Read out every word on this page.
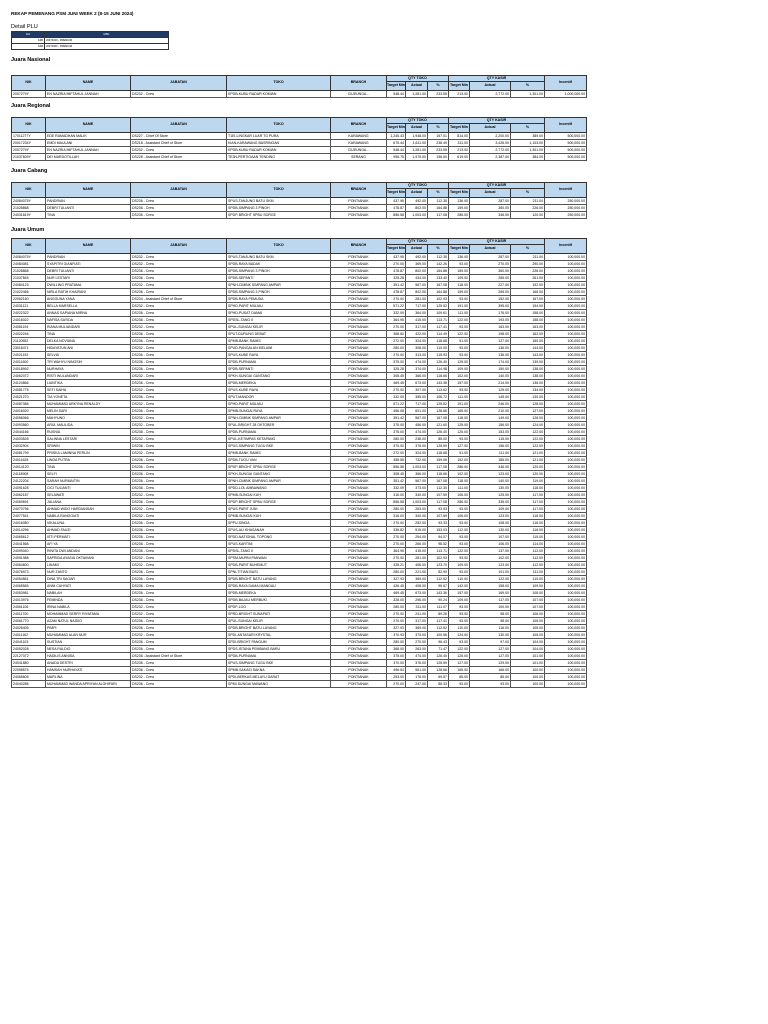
REKAP PEMENANG PSM JUNI WEEK 2 (8-15 JUNI 2024)
Detail PLU
Divi	MBG
F&B	20474049 - PREMIUM
F&B	20474050 - PREMIUM
Juara Nasional
NIK	NAME	JABATAN	TOKO	BRANCH	QTY TOKO			QTY KASIR			Incentif
					Target Min	Actual	%	Target Min	Actual	%	
2007279Y	EN NAZRIA MIFTAHUL JANNAH	DS232 - Crew	KPDB-KUBU RADAR KOMIAN	CIUEUNGA...	548.44	1,281.00	233.55	213.00	2,772.00	1,301.00	1,000,000.00
Juara Regional
NIK	NAME	JABATAN	TOKO	BRANCH	QTY TOKO			QTY KASIR			Incentif
					Target Min	Actual	%	Target Min	Actual	%	
17011277Y	EDE RAMADHAN MALIK	DS227 - Chief Of Store	T1EI-LINGKAR LUAR TG PURA	KARAWANG	1,245.43	1,948.00	157.01	814.00	2,200.00	389.00	500,000.00
20017234Y	EMDI MAULANI	DS218 - Assistant Chief of Store	KIAN-KARAWANG BASRINGAN	KARAWANG	675.44	1,611.00	238.49	311.00	3,426.00	1,103.00	500,000.00
2007279Y	EN NAZRIA MIFTAHUL JANNAH	DS232 - Crew	KPDB-KUBU RADAR KOMIAN	CIUEUNGA...	548.44	1,281.00	233.55	213.00	2,772.00	1,301.00	500,000.00
21037609Y	DEI MARDOTILLAH	DS228 - Assistant Chief of Store	TE3N-PERTIGAAN TENDING	SERANG	955.75	1,979.00	196.60	619.00	2,387.00	384.00	500,000.00
Juara Cabang
NIK	NAME	JABATAN	TOKO	BRANCH	QTY TOKO			QTY KASIR			Incentif
					Target Min	Actual	%	Target Min	Actual	%	
24084075Y	PANDRIAN	DS236 - Crew	SPUS-TANJUNG BATU SKM	PONTIANAK	437.95	492.00	112.35	136.00	287.00	211.00	250,000.00
21028868	DEBRI TULIANTI	DS236 - Crew	SPDB-SIMPANG 3 PINOH	PONTIANAK	478.87	802.00	164.88	159.00	360.00	226.00	250,000.00
24031819Y	TINA	DS236 - Crew	SPDP-BRIGHT SPBU SORGE	PONTIANAK	856.58	1,003.00	117.08	286.00	346.00	120.00	250,000.00
Juara Umum
NIK	NAME	JABATAN	TOKO	BRANCH	QTY TOKO			QTY KASIR			Incentif
					Target Min	Actual	%	Target Min	Actual	%	
24084075Y	PANDRIAN	DS232 - Crew	SPUS-TANJUNG BATU SKM	PONTIANAK	437.95	492.00	112.35	136.00	287.00	211.00	100,000.00
24084081	SYAPITRI GIANFIATI	DS232 - Crew	SPDB-RAYA BADAK	PONTIANAK	270.00	369.00	142.26	93.00	270.00	290.00	100,000.00
21028868	DEBRI TULIANTI	DS236 - Crew	SPDB-SIMPANG 3 PINOH	PONTIANAK	478.87	802.00	164.88	159.00	360.00	226.00	100,000.00
21037845	NUR LESTARI	DS236 - Crew	SPDB-SEPANTI	PONTIANAK	325.28	434.00	133.40	109.00	285.00	261.00	100,000.00
24084123	DWILLING PRATAMA	DS232 - Crew	SPNH-CIMBIK SIMPANG AMPAR	PONTIANAK	351.42	567.00	167.08	118.00	227.00	192.00	100,000.00
21022466	NIRLA RATIH KHAIRANI	DS236 - Crew	SPDB-SIMPANG 3 PINOH	PONTIANAK	478.87	802.00	164.88	159.00	265.00	166.00	100,000.00
22052160	ANGGUNA YANA	DS234 - Assistant Chief of Store	SPDB-RAYA PEMUDA	PONTIANAK	270.00	281.00	102.93	93.00	152.00	167.00	100,000.00
24031121	BELLA MARSELLA	DS232 - Crew	SPHD-PARIT MIUJAU	PONTIANAK	571.22	717.00	125.52	191.00	395.00	194.00	100,000.00
24022322	ANNAS SAPIANA MIRNA	DS236 - Crew	SPHD-PUSAT DAMAI	PONTIANAK	332.09	364.00	109.61	111.00	176.00	158.00	100,000.00
24016022	NAFISA SAYIDA	DS236 - Crew	SPDSL-TANG II	PONTIANAK	364.95	415.00	113.71	122.00	193.00	158.00	100,000.00
24081194	RIANA MULIANDARI	DS232 - Crew	SPUL-SUNGAI KELIR	PONTIANAK	270.00	317.00	117.41	93.00	163.00	163.00	100,000.00
24022246	TINA	DS236 - Crew	SPUT-DURUNG DEBAT	PONTIANAK	368.60	422.00	114.49	122.00	198.00	162.00	100,000.00
21120552	DELKA NOVIANA	DS236 - Crew	SPMB-BANK RAMIS	PONTIANAK	272.00	324.00	118.68	91.00	127.00	150.00	100,000.00
23016471	HIDAYATUN ANI	DS232 - Crew	SPUD-PANGALAN MELAWI	PONTIANAK	280.00	308.00	110.00	93.00	136.00	144.00	100,000.00
24021192	SELVIA	DS236 - Crew	SPUS-KUBE RAYA	PONTIANAK	270.00	313.00	115.93	93.00	136.00	143.00	100,000.00
24011600	TRI WAHYU NINGSIH	DS236 - Crew	SPDB-PURNAMA	PONTIANAK	375.00	474.00	126.40	125.00	174.00	139.00	100,000.00
24018992	NURHAYA	DS236 - Crew	SPDB-SEPANTI	PONTIANAK	325.28	374.00	114.98	109.00	150.00	138.00	100,000.00
24062072	RISTI WULANDARI	DS232 - Crew	SPKH-SUNGAI GANTANG	PONTIANAK	308.45	366.00	118.66	102.00	140.00	138.00	100,000.00
24124866	LIANTIKA	DS236 - Crew	SPDB-MERDEKA	PONTIANAK	469.45	673.00	143.36	157.00	214.00	136.00	100,000.00
24081775	SETI SAIHA	DS232 - Crew	SPUS-KUBE RAYA	PONTIANAK	270.00	307.00	113.62	93.00	125.00	134.00	100,000.00
24021270	TIA YONETA	DS236 - Crew	SPUT-MANDOR	PONTIANAK	332.09	355.00	106.72	111.00	145.00	130.00	100,000.00
24087086	MUHAMMAD ARKYNA RENALDY	DS232 - Crew	SPHD-PARIT MIUJAU	PONTIANAK	571.22	717.00	125.52	191.00	246.00	128.00	100,000.00
24016020	MELIN SARI	DS236 - Crew	SPMB-SUNGAI RAYA	PONTIANAK	456.08	601.00	128.66	165.00	210.00	127.00	100,000.00
24056066	MAHYUNO	DS232 - Crew	SPNH-CIMBIK SIMPANG AMPAR	PONTIANAK	351.42	567.00	167.08	118.00	149.00	126.00	100,000.00
24093560	ARUL MAULIDA	DS232 - Crew	SPUL-BRIGHT 28 OKTOBER	PONTIANAK	375.00	456.00	121.60	125.00	156.00	124.00	100,000.00
24044166	RUSNIA	DS236 - Crew	SPDB-PURNAMA	PONTIANAK	375.00	474.00	126.40	125.00	153.00	122.00	100,000.00
24003528	SALINNA LESTARI	DS232 - Crew	SPUL-KETIMPAS KETAPANG	PONTIANAK	280.00	238.00	85.00	93.00	115.00	122.00	100,000.00
24032904	SRIWIN	DS236 - Crew	SPUS-SIMPANG TUGU BKE	PONTIANAK	370.00	376.00	125.59	127.00	156.00	122.00	100,000.00
24081799	PRISKA LAMINNA PERLIN	DS232 - Crew	SPMB-BANK RAMIS	PONTIANAK	272.00	324.00	118.68	91.00	111.00	121.00	100,000.00
24011625	LINDA PUTRA	DS236 - Crew	SPDB-TUGU VAN	PONTIANAK	458.58	732.00	159.06	152.00	185.00	121.00	100,000.00
24014120	TINA	DS236 - Crew	SPDP-BRIGHT SPBU SORGE	PONTIANAK	856.58	1,003.00	117.08	286.00	346.00	120.00	100,000.00
24118908	SELFI	DS236 - Crew	SPKH-SUNGAI GANTANG	PONTIANAK	308.45	366.00	118.66	102.00	123.00	120.00	100,000.00
24122204	SARAH NURMAITIN	DS236 - Crew	SPNH-CIMBIK SIMPANG AMPAR	PONTIANAK	351.42	567.00	167.08	118.00	140.00	119.00	100,000.00
24091628	CICI TULIANTI	DS236 - Crew	SPDD-LOL AMBAWANG	PONTIANAK	332.09	373.00	112.30	111.00	130.00	118.00	100,000.00
24062187	SELAWATI	DS232 - Crew	SPMB-SUNGAI KUH	PONTIANAK	316.00	340.00	107.59	106.00	125.00	117.00	100,000.00
24069691	JULIANA	DS236 - Crew	SPDP-BRIGHT SPBU SORGE	PONTIANAK	856.58	1,003.00	117.08	286.00	335.00	117.00	100,000.00
24070796	AHMAD WIDO HARDIANSAH	DS232 - Crew	SPUS-PARIT JUNI	PONTIANAK	280.00	263.00	93.93	93.00	109.00	117.00	100,000.00
24077541	NABILA RANGGIATI	DS232 - Crew	SPMB-SUNGAI KUH	PONTIANAK	316.00	340.00	107.59	106.00	123.00	116.00	100,000.00
24016080	VIKALUNA	DS236 - Crew	SPPU-SINGA	PONTIANAK	270.00	252.00	93.33	93.00	108.00	116.00	100,000.00
24014296	AHMAD FAUZI	DS236 - Crew	SPUS-ALI KHASANAH	PONTIANAK	336.82	515.00	153.03	112.00	130.00	116.00	100,000.00
24065612	ISTI PERMATI	DS236 - Crew	SPDD-NATIONAL TOPONG	PONTIANAK	270.00	254.00	94.07	93.00	107.00	115.00	100,000.00
24041568	AFI YA	DS236 - Crew	SPUS-KARTINI	PONTIANAK	270.00	266.00	98.52	93.00	106.00	114.00	100,000.00
24099040	RINITA DWI ANDANI	DS236 - Crew	SPDSL-TANG II	PONTIANAK	364.95	415.00	113.71	122.00	137.00	112.00	100,000.00
24091988	SAPRIDA AYASIA OKTAVIANI	DS232 - Crew	SPSM-MURNI PANWAN	PONTIANAK	270.00	281.00	102.93	93.00	102.00	112.00	100,000.00
24064600	LINAMI	DS232 - Crew	SPDB-PARIT BUHEMUT	PONTIANAK	328.21	406.00	123.70	109.00	123.00	112.00	100,000.00
24076973	NUR ZANTO	DS236 - Crew	SPNI-TITIAN BUSI	PONTIANAK	280.00	221.00	82.90	93.00	101.00	111.00	100,000.00
24054561	DINA TRI SAGAR	DS236 - Crew	SPDB-BRIGHT BATU LAYANG	PONTIANAK	327.93	369.00	112.52	110.00	122.00	110.00	100,000.00
24065565	ANNI CAHYATI	DS236 - Crew	SPDB-RAYA DAMAI MANDAU	PONTIANAK	426.45	408.00	95.67	142.00	158.00	109.00	100,000.00
24053981	NABILAH	DS236 - Crew	SPDB-MERDEKA	PONTIANAK	469.45	673.00	143.36	157.00	169.00	108.00	100,000.00
24013976	FEMINDA	DS236 - Crew	SPDB-BAJAU MERBUKI	PONTIANAK	328.00	296.00	90.24	109.00	117.00	107.00	100,000.00
24061106	IRINA NABILA	DS232 - Crew	SPDP-LOO	PONTIANAK	280.00	311.00	111.07	93.00	100.00	107.00	100,000.00
24011700	MOHAMMAD SERRY RIYATAMA	DS232 - Crew	SPRD-BRIGHT SUNAPATI	PONTIANAK	270.00	241.00	89.26	93.00	98.00	106.00	100,000.00
24061770	AZAM NATUL NAIDIO	DS236 - Crew	SPUL-SUNGAI KELIR	PONTIANAK	270.00	317.00	117.41	93.00	98.00	105.00	100,000.00
24026405	PIMPI	DS236 - Crew	SPDB-BRIGHT BATU LAYANG	PONTIANAK	327.93	369.00	112.52	110.00	116.00	105.00	100,000.00
24011162	MUHAMMAD ALAN NUR	DS232 - Crew	SPDI-ANTASARI KRYSTAL	PONTIANAK	370.93	373.00	100.56	124.00	130.00	105.00	100,000.00
24041103	SUSTIAN	DS236 - Crew	SPDI-BRIGHT PANGUM	PONTIANAK	280.00	270.00	96.43	93.00	97.00	104.00	100,000.00
24052028	NESA RALDIO	DS236 - Crew	SPDS-ISTANA PEMBANG BARU	PONTIANAK	368.00	263.00	71.47	122.00	127.00	104.00	100,000.00
22127072	HADILIS ANNISA	DS236 - Assistant Chief of Store	SPDB-PURNAMA	PONTIANAK	375.00	474.00	126.40	125.00	127.00	101.00	100,000.00
24041880	ANADA DESTRI	DS236 - Crew	SPUS-SIMPANG TUGU BKE	PONTIANAK	370.00	376.00	125.59	127.00	129.00	101.00	100,000.00
22098576	HAMSAH NURHAYATI	DS236 - Crew	SPMB-SAKASI SAKNA	PONTIANAK	496.54	561.00	128.66	165.00	166.00	100.00	100,000.00
24065605	MARLINA	DS232 - Crew	SPDI-BERKAS MELAYU DARAT	PONTIANAK	253.00	176.00	69.57	85.00	85.00	100.00	100,000.00
24040286	MUHAMMAD WANDA APRIYAN ALGHIFARI	DS236 - Crew	SPMI-SUNGAI MAWANG	PONTIANAK	270.00	247.00	88.33	93.00	93.00	100.00	100,000.00
